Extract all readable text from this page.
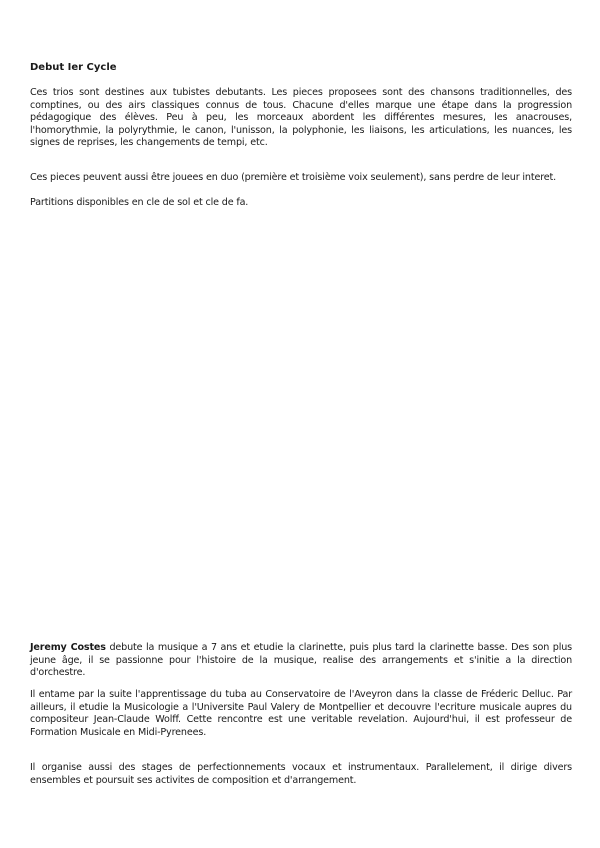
Debut Ier Cycle

Ces trios sont destines aux tubistes debutants. Les pieces proposees sont des chansons traditionnelles, des comptines, ou des airs classiques connus de tous. Chacune d'elles marque une étape dans la progression pédagogique des élèves. Peu à peu, les morceaux abordent les différentes mesures, les anacrouses, l'homorythmie, la polyrythmie, le canon, l'unisson, la polyphonie, les liaisons, les articulations, les nuances, les signes de reprises, les changements de tempi, etc.

Ces pieces peuvent aussi être jouees en duo (première et troisième voix seulement), sans perdre de leur interet.

Partitions disponibles en cle de sol et cle de fa.

Jeremy Costes debute la musique a 7 ans et etudie la clarinette, puis plus tard la clarinette basse. Des son plus jeune âge, il se passionne pour l'histoire de la musique, realise des arrangements et s'initie a la direction d'orchestre.

Il entame par la suite l'apprentissage du tuba au Conservatoire de l'Aveyron dans la classe de Fréderic Delluc. Par ailleurs, il etudie la Musicologie a l'Universite Paul Valery de Montpellier et decouvre l'ecriture musicale aupres du compositeur Jean-Claude Wolff. Cette rencontre est une veritable revelation. Aujourd'hui, il est professeur de Formation Musicale en Midi-Pyrenees.

Il organise aussi des stages de perfectionnements vocaux et instrumentaux. Parallelement, il dirige divers ensembles et poursuit ses activites de composition et d'arrangement.
